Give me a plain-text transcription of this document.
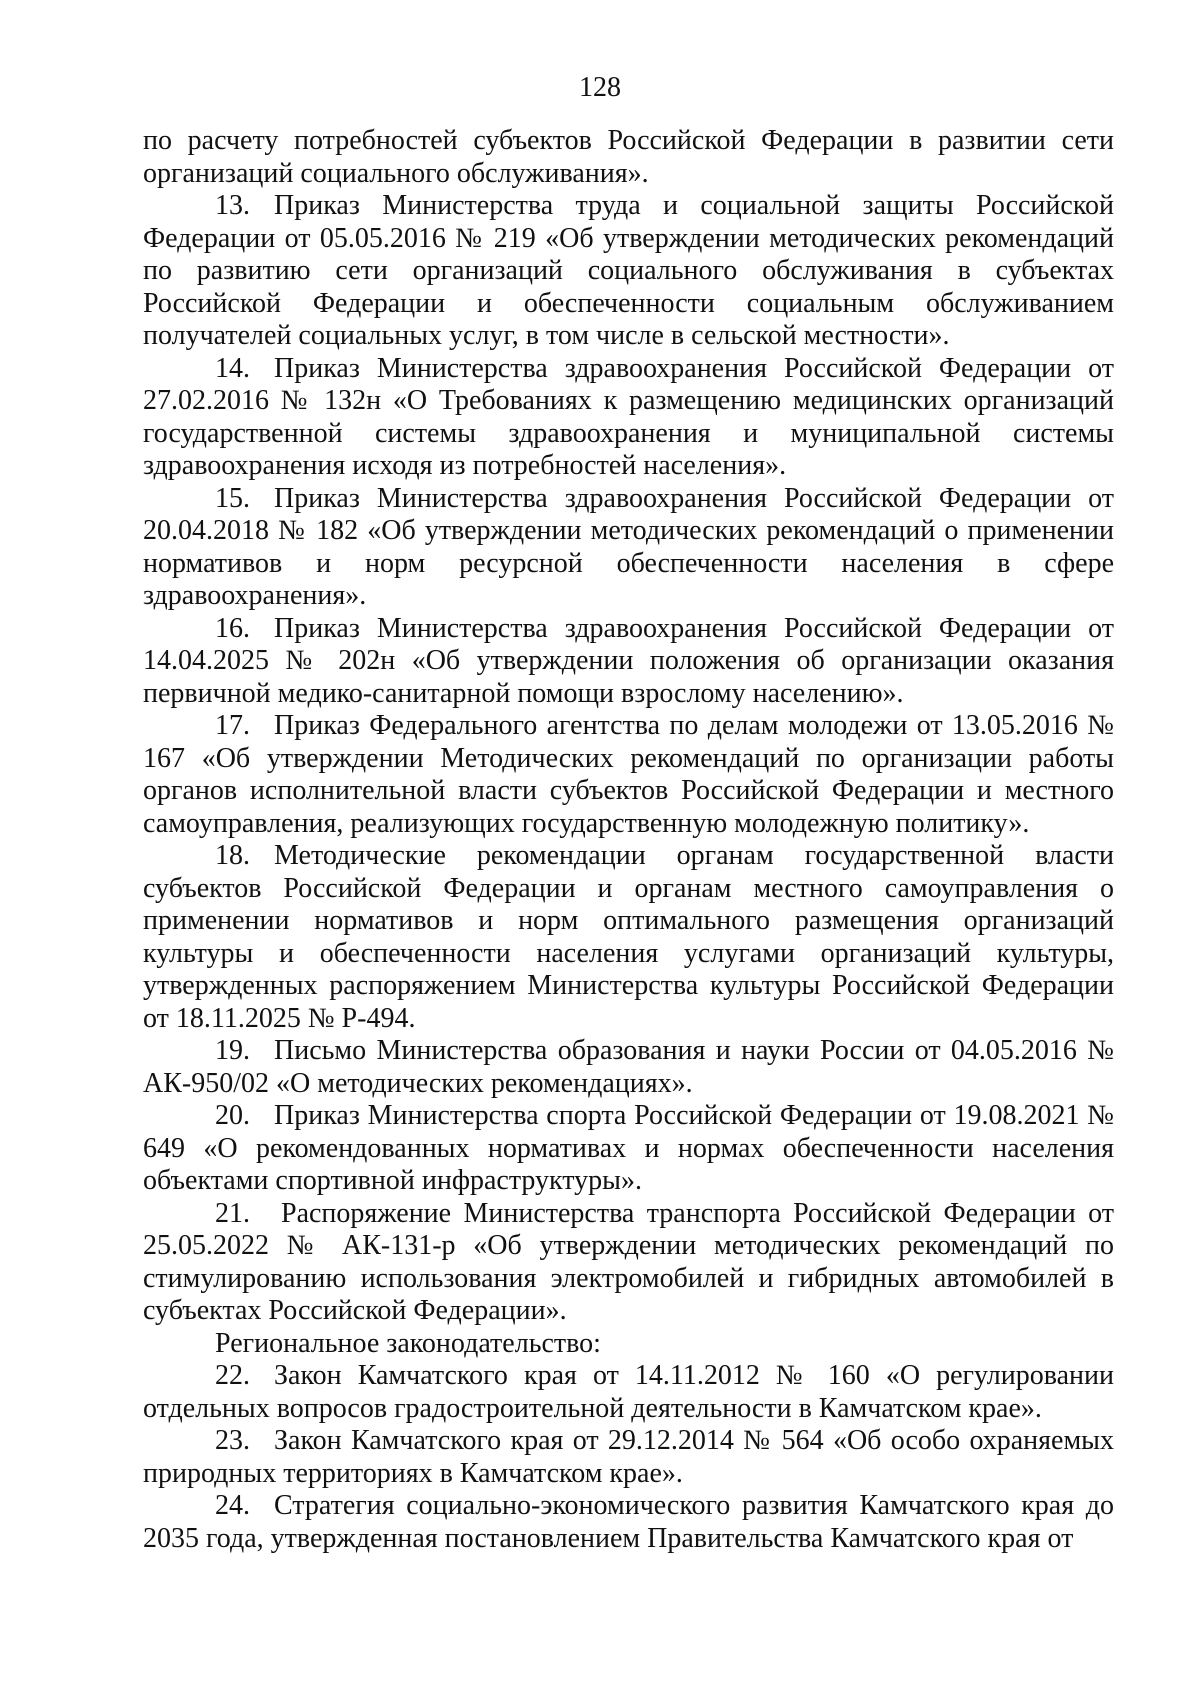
128

по расчету потребностей субъектов Российской Федерации в развитии сети организаций социального обслуживания».

13. Приказ Министерства труда и социальной защиты Российской Федерации от 05.05.2016 № 219 «Об утверждении методических рекомендаций по развитию сети организаций социального обслуживания в субъектах Российской Федерации и обеспеченности социальным обслуживанием получателей социальных услуг, в том числе в сельской местности».

14. Приказ Министерства здравоохранения Российской Федерации от 27.02.2016 № 132н «О Требованиях к размещению медицинских организаций государственной системы здравоохранения и муниципальной системы здравоохранения исходя из потребностей населения».

15. Приказ Министерства здравоохранения Российской Федерации от 20.04.2018 № 182 «Об утверждении методических рекомендаций о применении нормативов и норм ресурсной обеспеченности населения в сфере здравоохранения».

16. Приказ Министерства здравоохранения Российской Федерации от 14.04.2025 № 202н «Об утверждении положения об организации оказания первичной медико-санитарной помощи взрослому населению».

17. Приказ Федерального агентства по делам молодежи от 13.05.2016 № 167 «Об утверждении Методических рекомендаций по организации работы органов исполнительной власти субъектов Российской Федерации и местного самоуправления, реализующих государственную молодежную политику».

18. Методические рекомендации органам государственной власти субъектов Российской Федерации и органам местного самоуправления о применении нормативов и норм оптимального размещения организаций культуры и обеспеченности населения услугами организаций культуры, утвержденных распоряжением Министерства культуры Российской Федерации от 18.11.2025 № Р-494.

19. Письмо Министерства образования и науки России от 04.05.2016 № АК-950/02 «О методических рекомендациях».

20. Приказ Министерства спорта Российской Федерации от 19.08.2021 № 649 «О рекомендованных нормативах и нормах обеспеченности населения объектами спортивной инфраструктуры».

21. Распоряжение Министерства транспорта Российской Федерации от 25.05.2022 № АК-131-р «Об утверждении методических рекомендаций по стимулированию использования электромобилей и гибридных автомобилей в субъектах Российской Федерации».

Региональное законодательство:

22. Закон Камчатского края от 14.11.2012 № 160 «О регулировании отдельных вопросов градостроительной деятельности в Камчатском крае».

23. Закон Камчатского края от 29.12.2014 № 564 «Об особо охраняемых природных территориях в Камчатском крае».

24. Стратегия социально-экономического развития Камчатского края до 2035 года, утвержденная постановлением Правительства Камчатского края от
